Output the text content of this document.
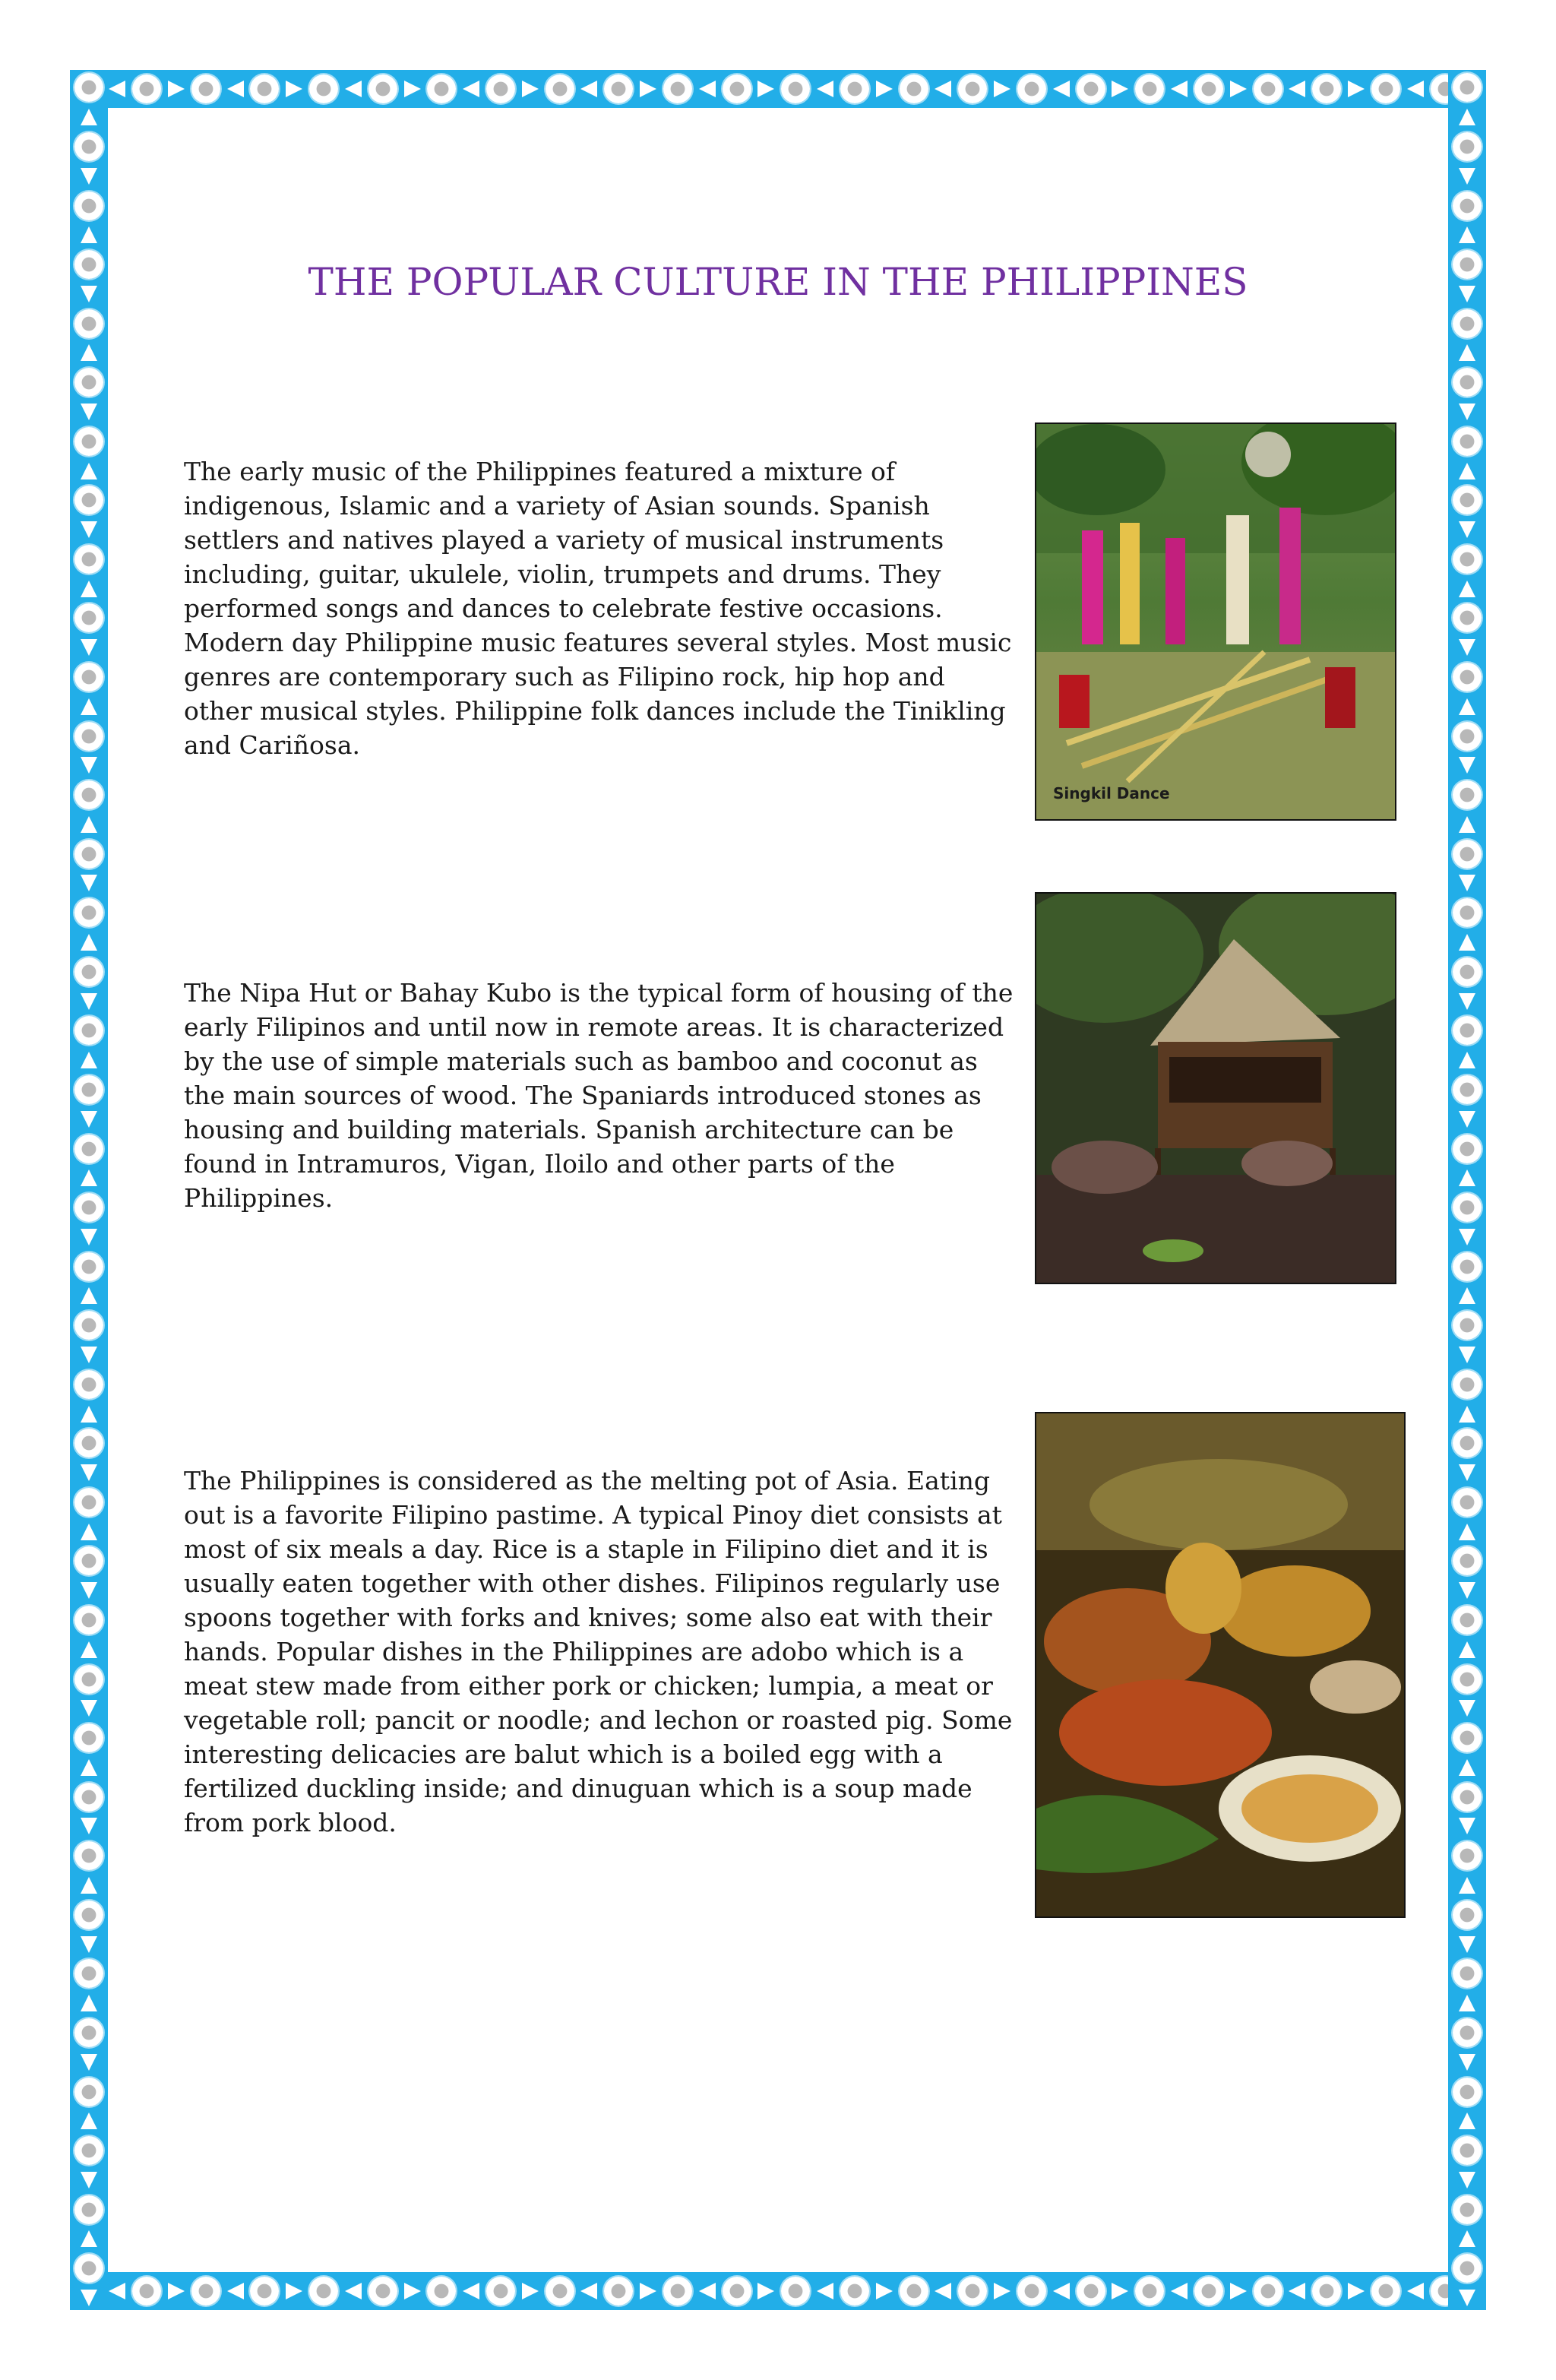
THE POPULAR CULTURE IN THE PHILIPPINES

The early music of the Philippines featured a mixture of indigenous, Islamic and a variety of Asian sounds. Spanish settlers and natives played a variety of musical instruments including, guitar, ukulele, violin, trumpets and drums. They performed songs and dances to celebrate festive occasions. Modern day Philippine music features several styles. Most music genres are contemporary such as Filipino rock, hip hop and other musical styles. Philippine folk dances include the Tinikling and Cariñosa.

Singkil Dance

The Nipa Hut or Bahay Kubo is the typical form of housing of the early Filipinos and until now in remote areas. It is characterized by the use of simple materials such as bamboo and coconut as the main sources of wood. The Spaniards introduced stones as housing and building materials. Spanish architecture can be found in Intramuros, Vigan, Iloilo and other parts of the Philippines.

The Philippines is considered as the melting pot of Asia. Eating out is a favorite Filipino pastime. A typical Pinoy diet consists at most of six meals a day. Rice is a staple in Filipino diet and it is usually eaten together with other dishes. Filipinos regularly use spoons together with forks and knives; some also eat with their hands. Popular dishes in the Philippines are adobo which is a meat stew made from either pork or chicken; lumpia, a meat or vegetable roll; pancit or noodle; and lechon or roasted pig. Some interesting delicacies are balut which is a boiled egg with a fertilized duckling inside; and dinuguan which is a soup made from pork blood.
